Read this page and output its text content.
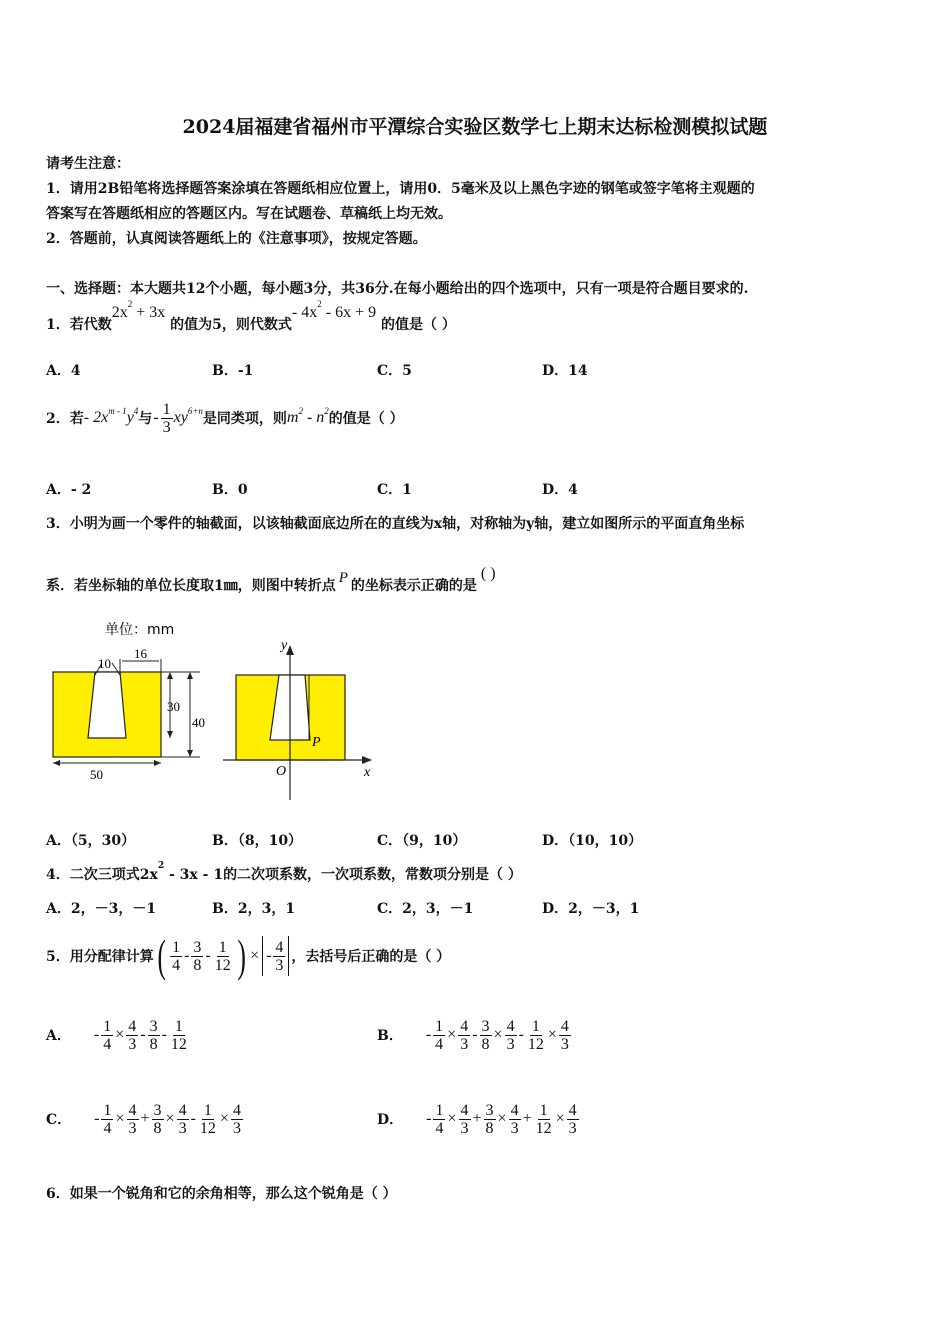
2024届福建省福州市平潭综合实验区数学七上期末达标检测模拟试题
请考生注意：
1．请用2B铅笔将选择题答案涂填在答题纸相应位置上，请用0．5毫米及以上黑色字迹的钢笔或签字笔将主观题的
答案写在答题纸相应的答题区内。写在试题卷、草稿纸上均无效。
2．答题前，认真阅读答题纸上的《注意事项》，按规定答题。
一、选择题：本大题共12个小题，每小题3分，共36分.在每小题给出的四个选项中，只有一项是符合题目要求的.
1．若代数$2x^2 + 3x$ 的值为5，则代数式- $4x^2 - 6x + 9$ 的值是（ ）
A．4	B．-1	C．5	D．14
2．若 - $2x^{m - 1}y^4$ 与 - $\frac{1}{3} xy^{6+n}$ 是同类项，则 $m^2 - n^2$ 的值是（ ）
A．- 2	B．0	C．1	D．4
3．小明为画一个零件的轴截面，以该轴截面底边所在的直线为x轴，对称轴为y轴，建立如图所示的平面直角坐标
系．若坐标轴的单位长度取1㎜，则图中转折点 P 的坐标表示正确的是( )
单位：mm
10
16
30
40
50
y
x
O
P
A．（5，30）	B．（8，10）	C．（9，10）	D．（10，10）
4．二次三项式$2x^2 - 3x - 1$的二次项系数，一次项系数，常数项分别是（ ）
A．2，－3，－1	B．2，3，1	C．2，3，－1	D．2，－3，1
5．用分配律计算 ( $\frac{1}{4} - \frac{3}{8} - \frac{1}{12}$ ) × - $\frac{4}{3}$ ，去括号后正确的是（ ）
A． - $\frac{1}{4} \times \frac{4}{3} - \frac{3}{8} - \frac{1}{12}$	B． - $\frac{1}{4} \times \frac{4}{3} - \frac{3}{8} \times \frac{4}{3} - \frac{1}{12} \times \frac{4}{3}$
C． - $\frac{1}{4} \times \frac{4}{3} + \frac{3}{8} \times \frac{4}{3} - \frac{1}{12} \times \frac{4}{3}$	D． - $\frac{1}{4} \times \frac{4}{3} + \frac{3}{8} \times \frac{4}{3} + \frac{1}{12} \times \frac{4}{3}$
6．如果一个锐角和它的余角相等，那么这个锐角是（ ）
